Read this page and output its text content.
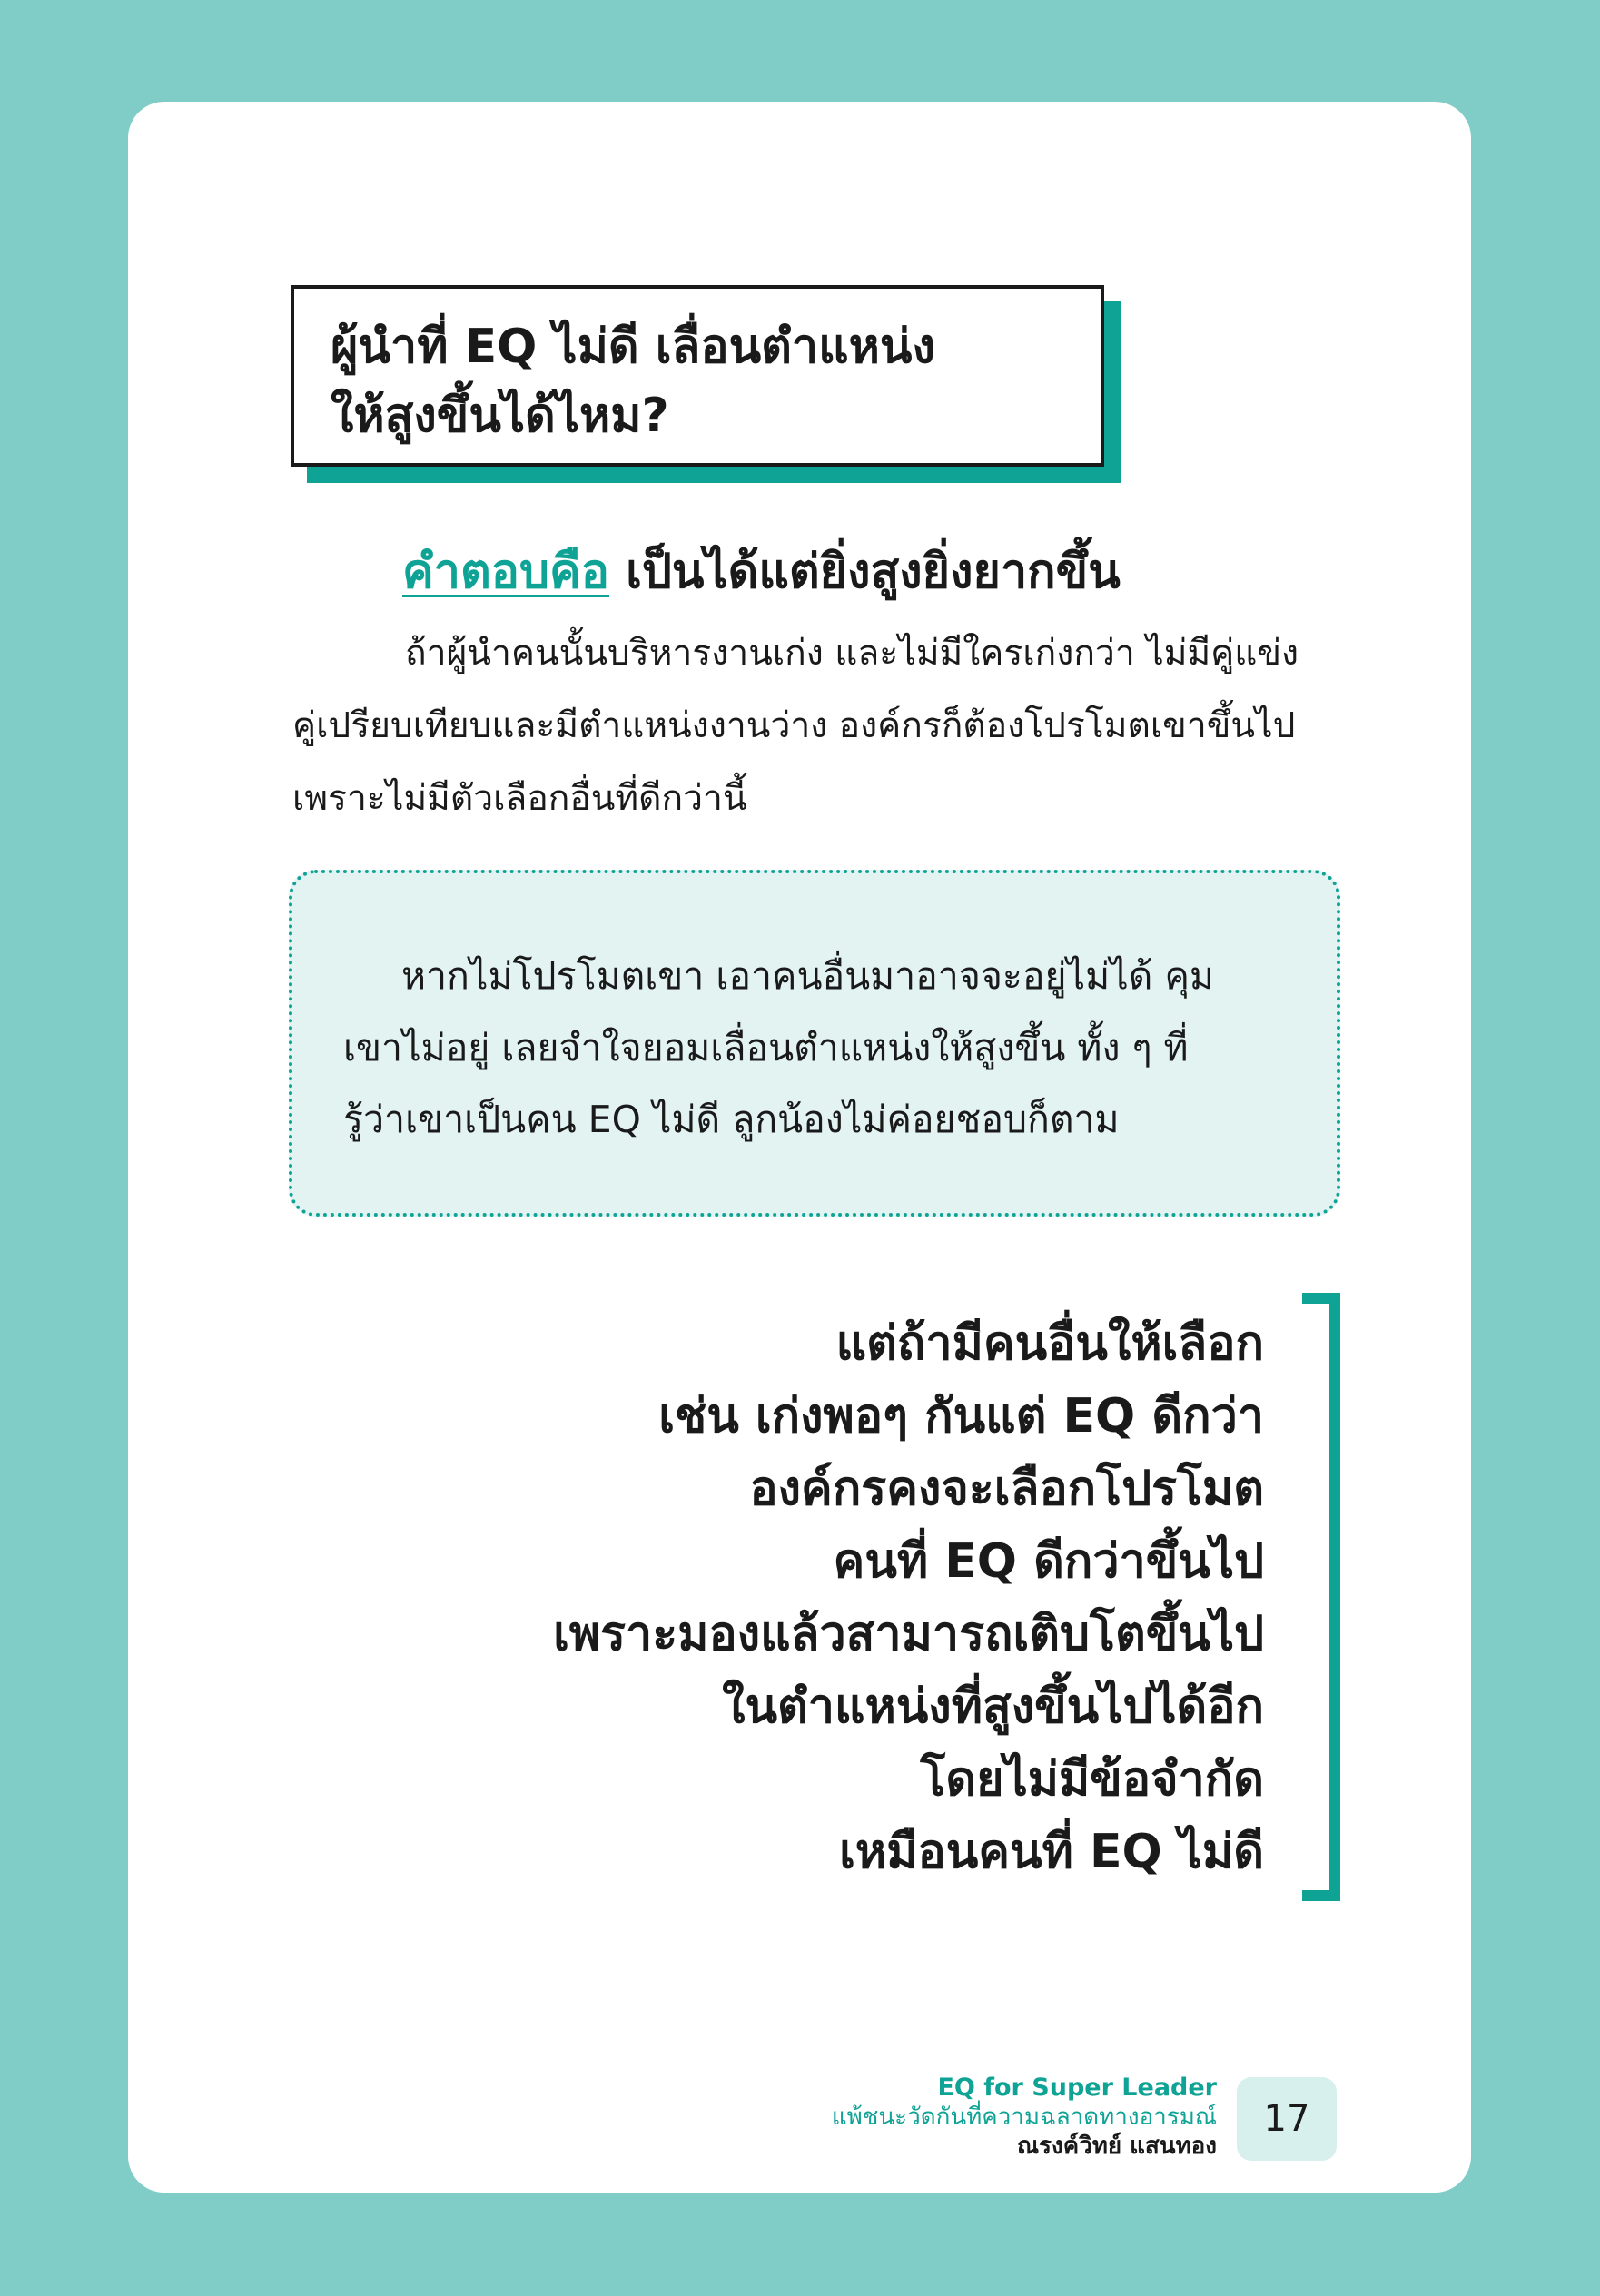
ผู้นำที่ EQ ไม่ดี เลื่อนตำแหน่ง
ให้สูงขึ้นได้ไหม?
คำตอบคือ เป็นได้แต่ยิ่งสูงยิ่งยากขึ้น
ถ้าผู้นำคนนั้นบริหารงานเก่ง และไม่มีใครเก่งกว่า ไม่มีคู่แข่ง
คู่เปรียบเทียบและมีตำแหน่งงานว่าง องค์กรก็ต้องโปรโมตเขาขึ้นไป
เพราะไม่มีตัวเลือกอื่นที่ดีกว่านี้
หากไม่โปรโมตเขา เอาคนอื่นมาอาจจะอยู่ไม่ได้ คุม
เขาไม่อยู่ เลยจำใจยอมเลื่อนตำแหน่งให้สูงขึ้น ทั้ง ๆ ที่
รู้ว่าเขาเป็นคน EQ ไม่ดี ลูกน้องไม่ค่อยชอบก็ตาม
แต่ถ้ามีคนอื่นให้เลือก
เช่น เก่งพอๆ กันแต่ EQ ดีกว่า
องค์กรคงจะเลือกโปรโมต
คนที่ EQ ดีกว่าขึ้นไป
เพราะมองแล้วสามารถเติบโตขึ้นไป
ในตำแหน่งที่สูงขึ้นไปได้อีก
โดยไม่มีข้อจำกัด
เหมือนคนที่ EQ ไม่ดี
EQ for Super Leader
แพ้ชนะวัดกันที่ความฉลาดทางอารมณ์
ณรงค์วิทย์ แสนทอง
17
